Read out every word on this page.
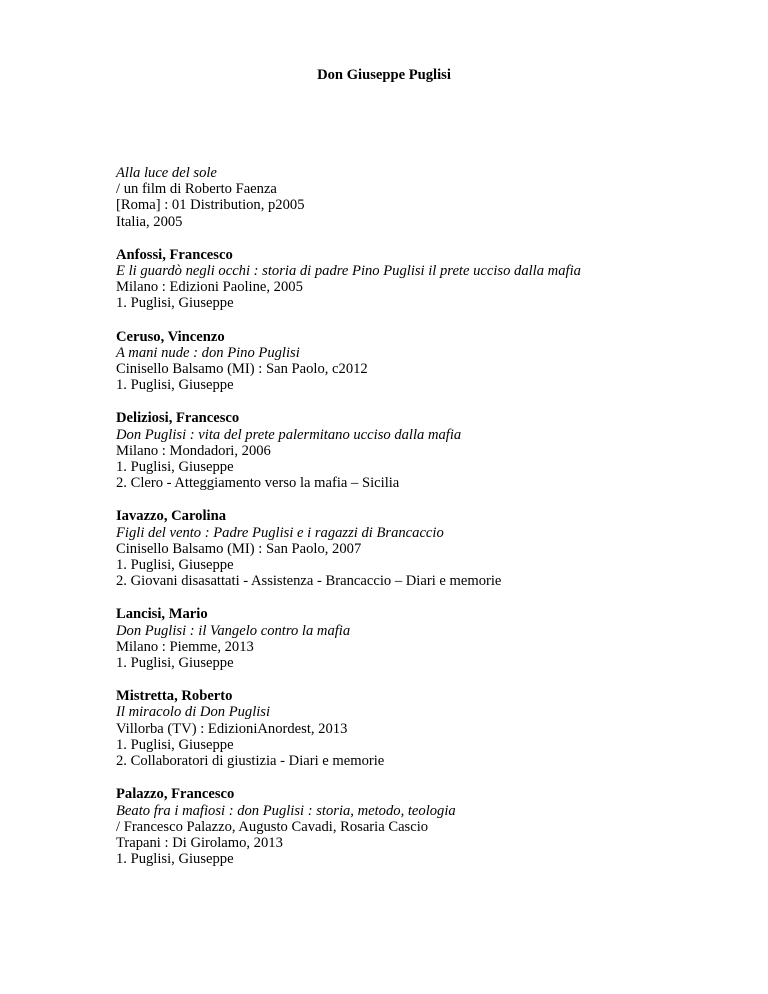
Don Giuseppe Puglisi
Alla luce del sole
/ un film di Roberto Faenza
[Roma] : 01 Distribution, p2005
Italia, 2005
Anfossi, Francesco
E li guardò negli occhi : storia di padre Pino Puglisi il prete ucciso dalla mafia
Milano : Edizioni Paoline, 2005
1. Puglisi, Giuseppe
Ceruso, Vincenzo
A mani nude : don Pino Puglisi
Cinisello Balsamo (MI) : San Paolo, c2012
1. Puglisi, Giuseppe
Deliziosi, Francesco
Don Puglisi : vita del prete palermitano ucciso dalla mafia
Milano : Mondadori, 2006
1. Puglisi, Giuseppe
2. Clero - Atteggiamento verso la mafia – Sicilia
Iavazzo, Carolina
Figli del vento : Padre Puglisi e i ragazzi di Brancaccio
Cinisello Balsamo (MI) : San Paolo, 2007
1. Puglisi, Giuseppe
2. Giovani disasattati - Assistenza - Brancaccio – Diari e memorie
Lancisi, Mario
Don Puglisi : il Vangelo contro la mafia
Milano : Piemme, 2013
1. Puglisi, Giuseppe
Mistretta, Roberto
Il miracolo di Don Puglisi
Villorba (TV) : EdizioniAnordest, 2013
1. Puglisi, Giuseppe
2. Collaboratori di giustizia - Diari e memorie
Palazzo, Francesco
Beato fra i mafiosi : don Puglisi : storia, metodo, teologia
/ Francesco Palazzo, Augusto Cavadi, Rosaria Cascio
Trapani : Di Girolamo, 2013
1. Puglisi, Giuseppe
